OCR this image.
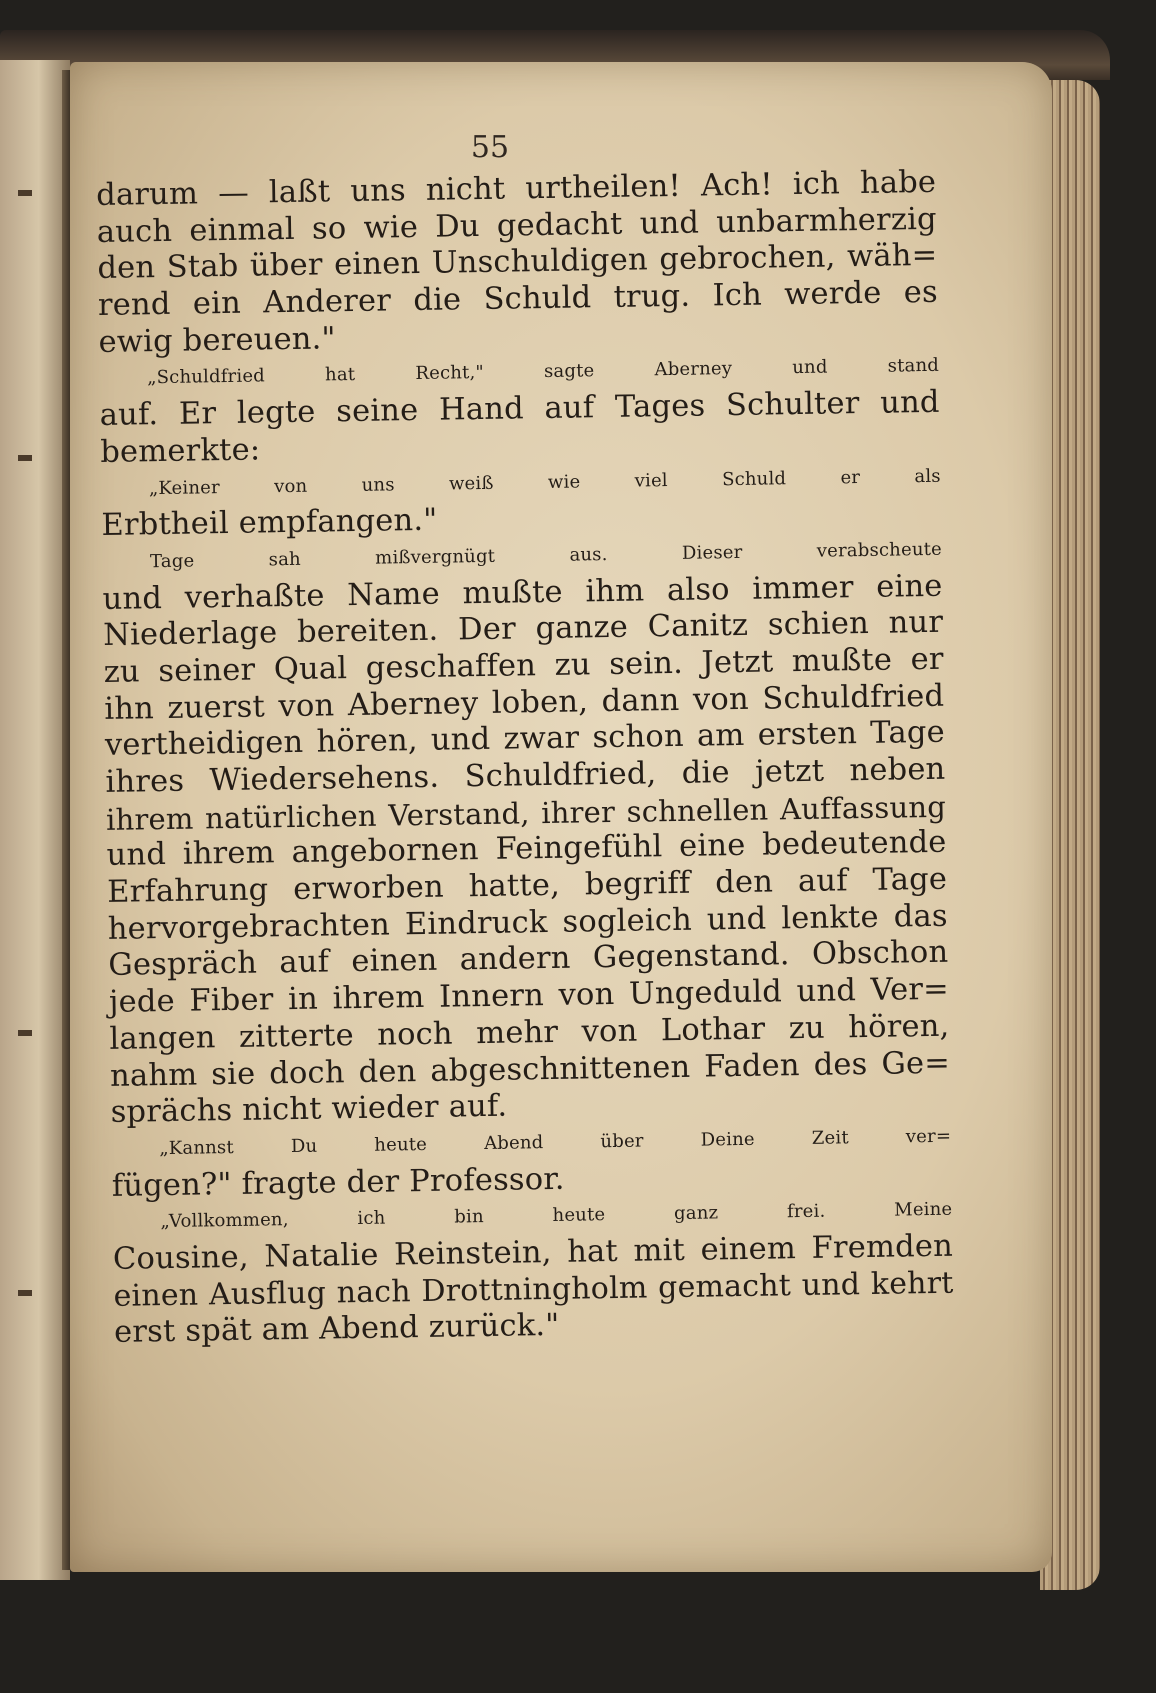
55
darum — laßt uns nicht urtheilen! Ach! ich habe
auch einmal so wie Du gedacht und unbarmherzig
den Stab über einen Unschuldigen gebrochen, wäh=
rend ein Anderer die Schuld trug. Ich werde es
ewig bereuen."
„Schuldfried hat Recht," sagte Aberney und stand
auf. Er legte seine Hand auf Tages Schulter und
bemerkte:
„Keiner von uns weiß wie viel Schuld er als
Erbtheil empfangen."
Tage sah mißvergnügt aus. Dieser verabscheute
und verhaßte Name mußte ihm also immer eine
Niederlage bereiten. Der ganze Canitz schien nur
zu seiner Qual geschaffen zu sein. Jetzt mußte er
ihn zuerst von Aberney loben, dann von Schuldfried
vertheidigen hören, und zwar schon am ersten Tage
ihres Wiedersehens. Schuldfried, die jetzt neben
ihrem natürlichen Verstand, ihrer schnellen Auffassung
und ihrem angebornen Feingefühl eine bedeutende
Erfahrung erworben hatte, begriff den auf Tage
hervorgebrachten Eindruck sogleich und lenkte das
Gespräch auf einen andern Gegenstand. Obschon
jede Fiber in ihrem Innern von Ungeduld und Ver=
langen zitterte noch mehr von Lothar zu hören,
nahm sie doch den abgeschnittenen Faden des Ge=
sprächs nicht wieder auf.
„Kannst Du heute Abend über Deine Zeit ver=
fügen?" fragte der Professor.
„Vollkommen, ich bin heute ganz frei. Meine
Cousine, Natalie Reinstein, hat mit einem Fremden
einen Ausflug nach Drottningholm gemacht und kehrt
erst spät am Abend zurück."
